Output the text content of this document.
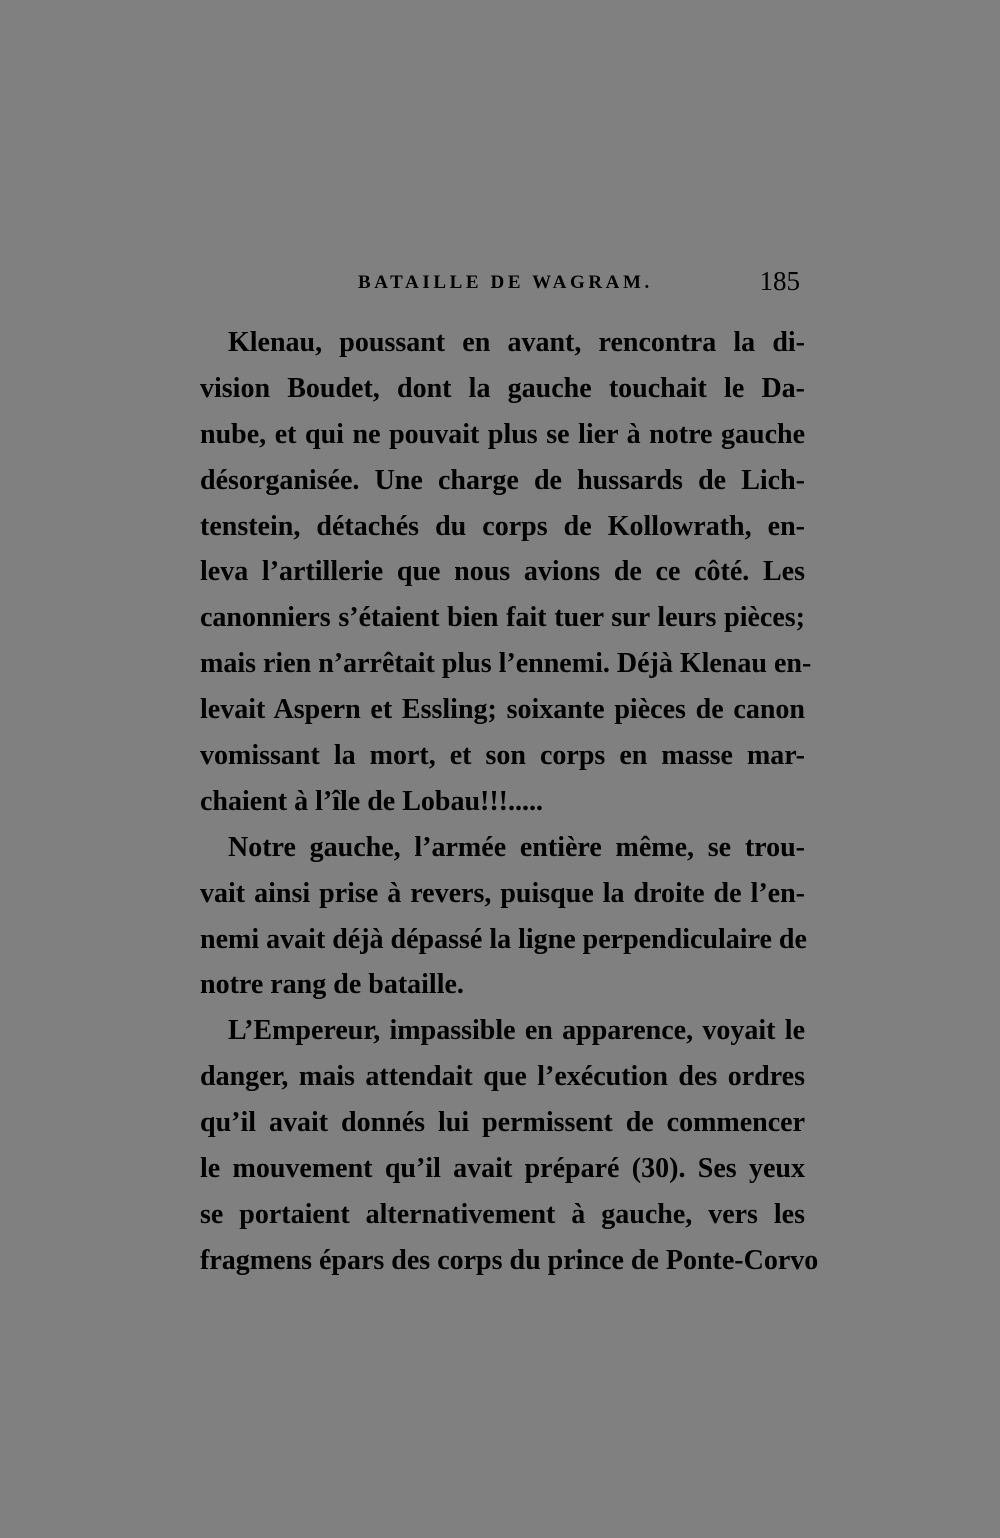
BATAILLE DE WAGRAM.	185
Klenau, poussant en avant, rencontra la di-
vision Boudet, dont la gauche touchait le Da-
nube, et qui ne pouvait plus se lier à notre gauche
désorganisée. Une charge de hussards de Lich-
tenstein, détachés du corps de Kollowrath, en-
leva l’artillerie que nous avions de ce côté. Les
canonniers s’étaient bien fait tuer sur leurs pièces;
mais rien n’arrêtait plus l’ennemi. Déjà Klenau en-
levait Aspern et Essling; soixante pièces de canon
vomissant la mort, et son corps en masse mar-
chaient à l’île de Lobau!!!.....
Notre gauche, l’armée entière même, se trou-
vait ainsi prise à revers, puisque la droite de l’en-
nemi avait déjà dépassé la ligne perpendiculaire de
notre rang de bataille.
L’Empereur, impassible en apparence, voyait le
danger, mais attendait que l’exécution des ordres
qu’il avait donnés lui permissent de commencer
le mouvement qu’il avait préparé (30). Ses yeux
se portaient alternativement à gauche, vers les
fragmens épars des corps du prince de Ponte-Corvo
